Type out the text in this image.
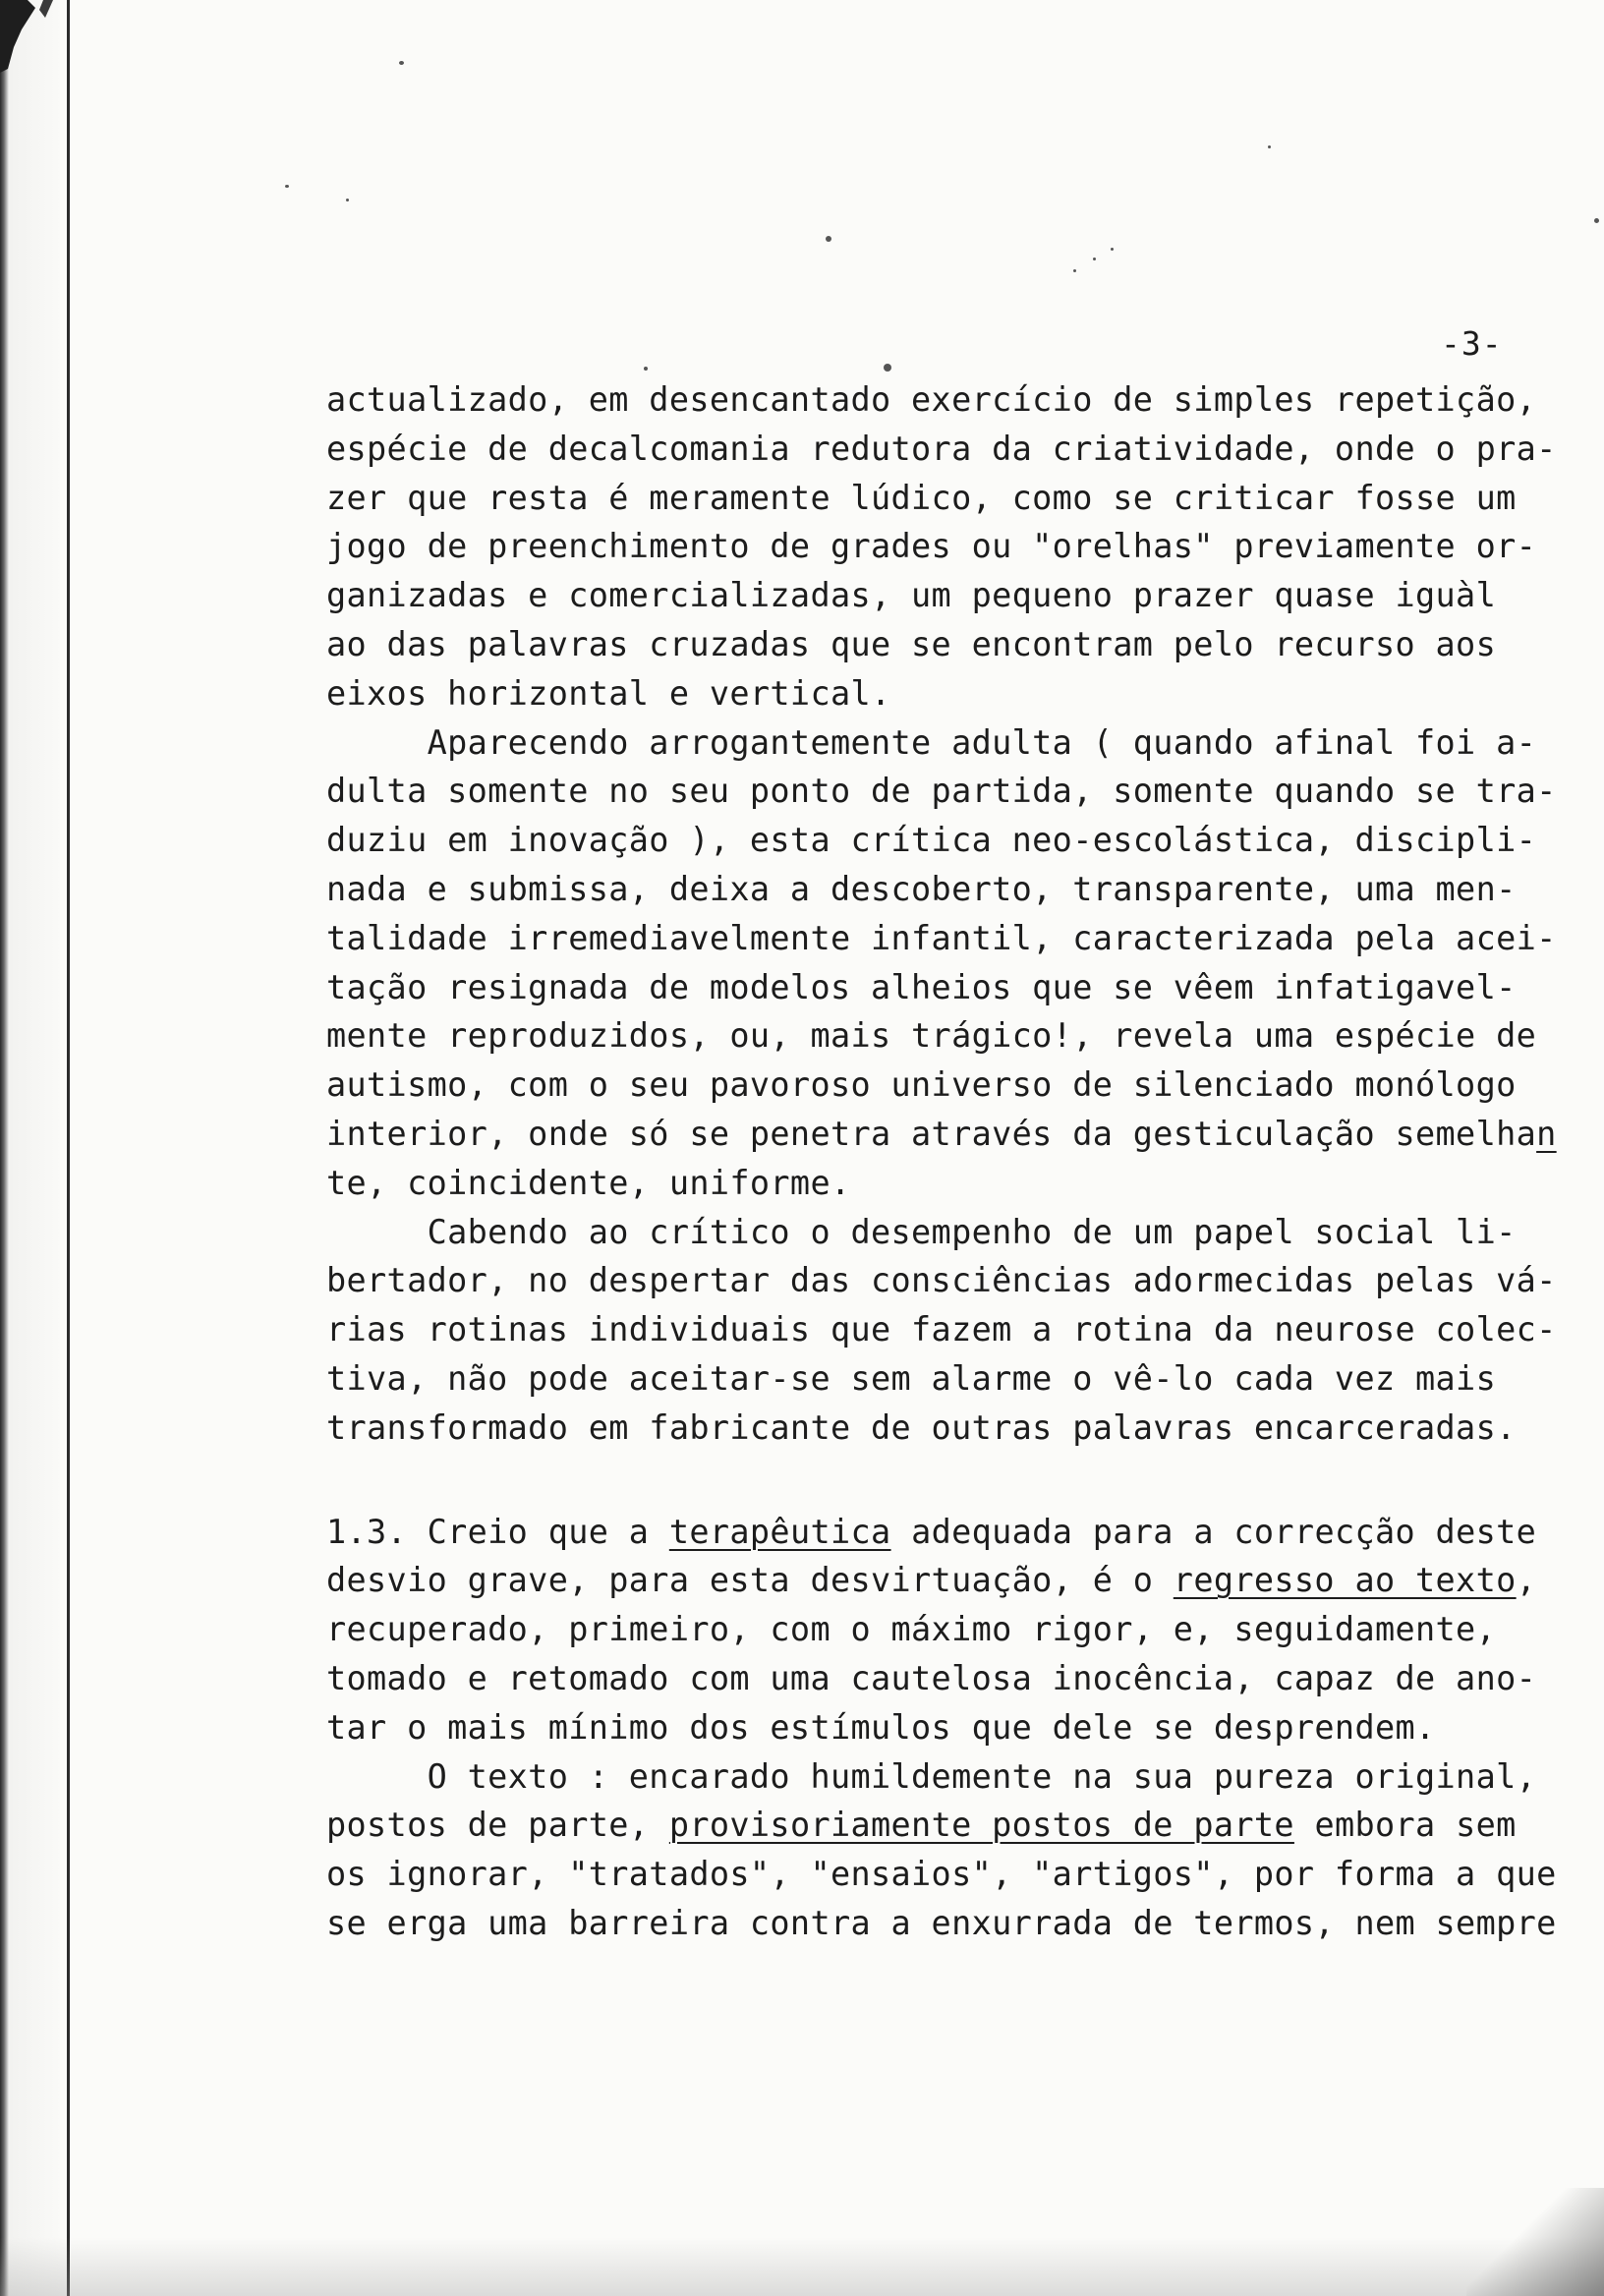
-3-
actualizado, em desencantado exercício de simples repetição,
espécie de decalcomania redutora da criatividade, onde o pra-
zer que resta é meramente lúdico, como se criticar fosse um
jogo de preenchimento de grades ou "orelhas" previamente or-
ganizadas e comercializadas, um pequeno prazer quase iguàl
ao das palavras cruzadas que se encontram pelo recurso aos
eixos horizontal e vertical.
Aparecendo arrogantemente adulta ( quando afinal foi a-
dulta somente no seu ponto de partida, somente quando se tra-
duziu em inovação ), esta crítica neo-escolástica, discipli-
nada e submissa, deixa a descoberto, transparente, uma men-
talidade irremediavelmente infantil, caracterizada pela acei-
tação resignada de modelos alheios que se vêem infatigavel-
mente reproduzidos, ou, mais trágico!, revela uma espécie de
autismo, com o seu pavoroso universo de silenciado monólogo
interior, onde só se penetra através da gesticulação semelhan
te, coincidente, uniforme.
Cabendo ao crítico o desempenho de um papel social li-
bertador, no despertar das consciências adormecidas pelas vá-
rias rotinas individuais que fazem a rotina da neurose colec-
tiva, não pode aceitar-se sem alarme o vê-lo cada vez mais
transformado em fabricante de outras palavras encarceradas.
1.3. Creio que a terapêutica adequada para a correcção deste
desvio grave, para esta desvirtuação, é o regresso ao texto,
recuperado, primeiro, com o máximo rigor, e, seguidamente,
tomado e retomado com uma cautelosa inocência, capaz de ano-
tar o mais mínimo dos estímulos que dele se desprendem.
O texto : encarado humildemente na sua pureza original,
postos de parte, provisoriamente postos de parte embora sem
os ignorar, "tratados", "ensaios", "artigos", por forma a que
se erga uma barreira contra a enxurrada de termos, nem sempre
